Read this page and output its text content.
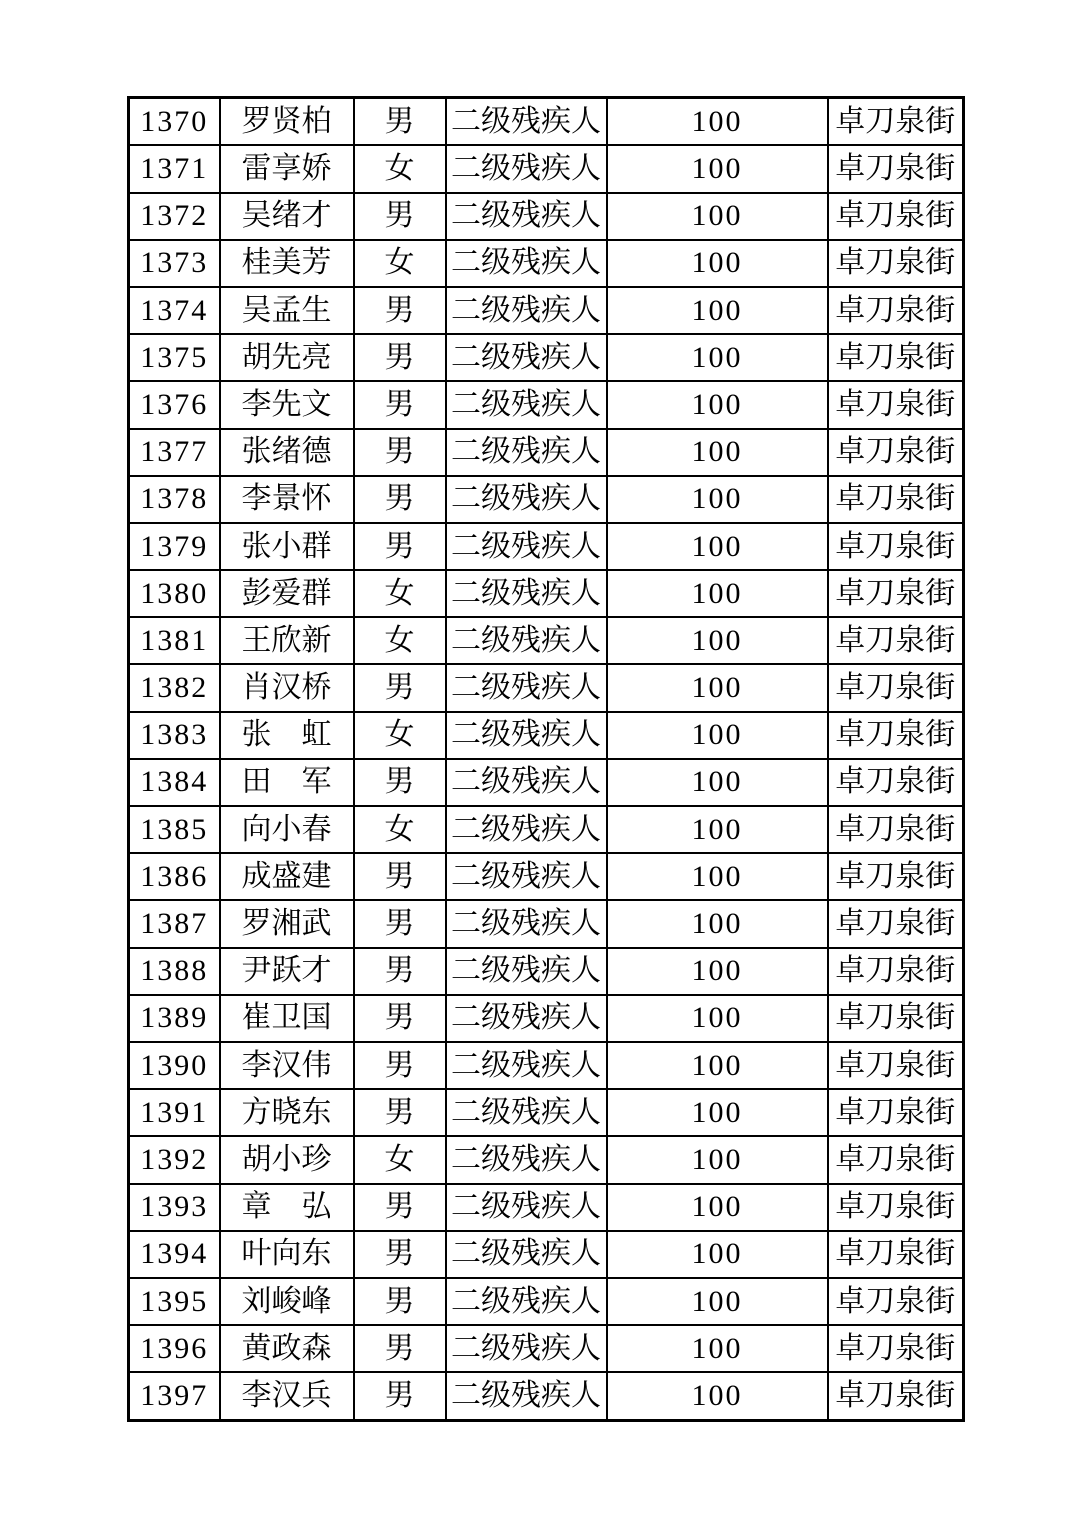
1370	罗贤柏	男	二级残疾人	100	卓刀泉街
1371	雷享娇	女	二级残疾人	100	卓刀泉街
1372	吴绪才	男	二级残疾人	100	卓刀泉街
1373	桂美芳	女	二级残疾人	100	卓刀泉街
1374	吴孟生	男	二级残疾人	100	卓刀泉街
1375	胡先亮	男	二级残疾人	100	卓刀泉街
1376	李先文	男	二级残疾人	100	卓刀泉街
1377	张绪德	男	二级残疾人	100	卓刀泉街
1378	李景怀	男	二级残疾人	100	卓刀泉街
1379	张小群	男	二级残疾人	100	卓刀泉街
1380	彭爱群	女	二级残疾人	100	卓刀泉街
1381	王欣新	女	二级残疾人	100	卓刀泉街
1382	肖汉桥	男	二级残疾人	100	卓刀泉街
1383	张　虹	女	二级残疾人	100	卓刀泉街
1384	田　军	男	二级残疾人	100	卓刀泉街
1385	向小春	女	二级残疾人	100	卓刀泉街
1386	成盛建	男	二级残疾人	100	卓刀泉街
1387	罗湘武	男	二级残疾人	100	卓刀泉街
1388	尹跃才	男	二级残疾人	100	卓刀泉街
1389	崔卫国	男	二级残疾人	100	卓刀泉街
1390	李汉伟	男	二级残疾人	100	卓刀泉街
1391	方晓东	男	二级残疾人	100	卓刀泉街
1392	胡小珍	女	二级残疾人	100	卓刀泉街
1393	章　弘	男	二级残疾人	100	卓刀泉街
1394	叶向东	男	二级残疾人	100	卓刀泉街
1395	刘峻峰	男	二级残疾人	100	卓刀泉街
1396	黄政森	男	二级残疾人	100	卓刀泉街
1397	李汉兵	男	二级残疾人	100	卓刀泉街
